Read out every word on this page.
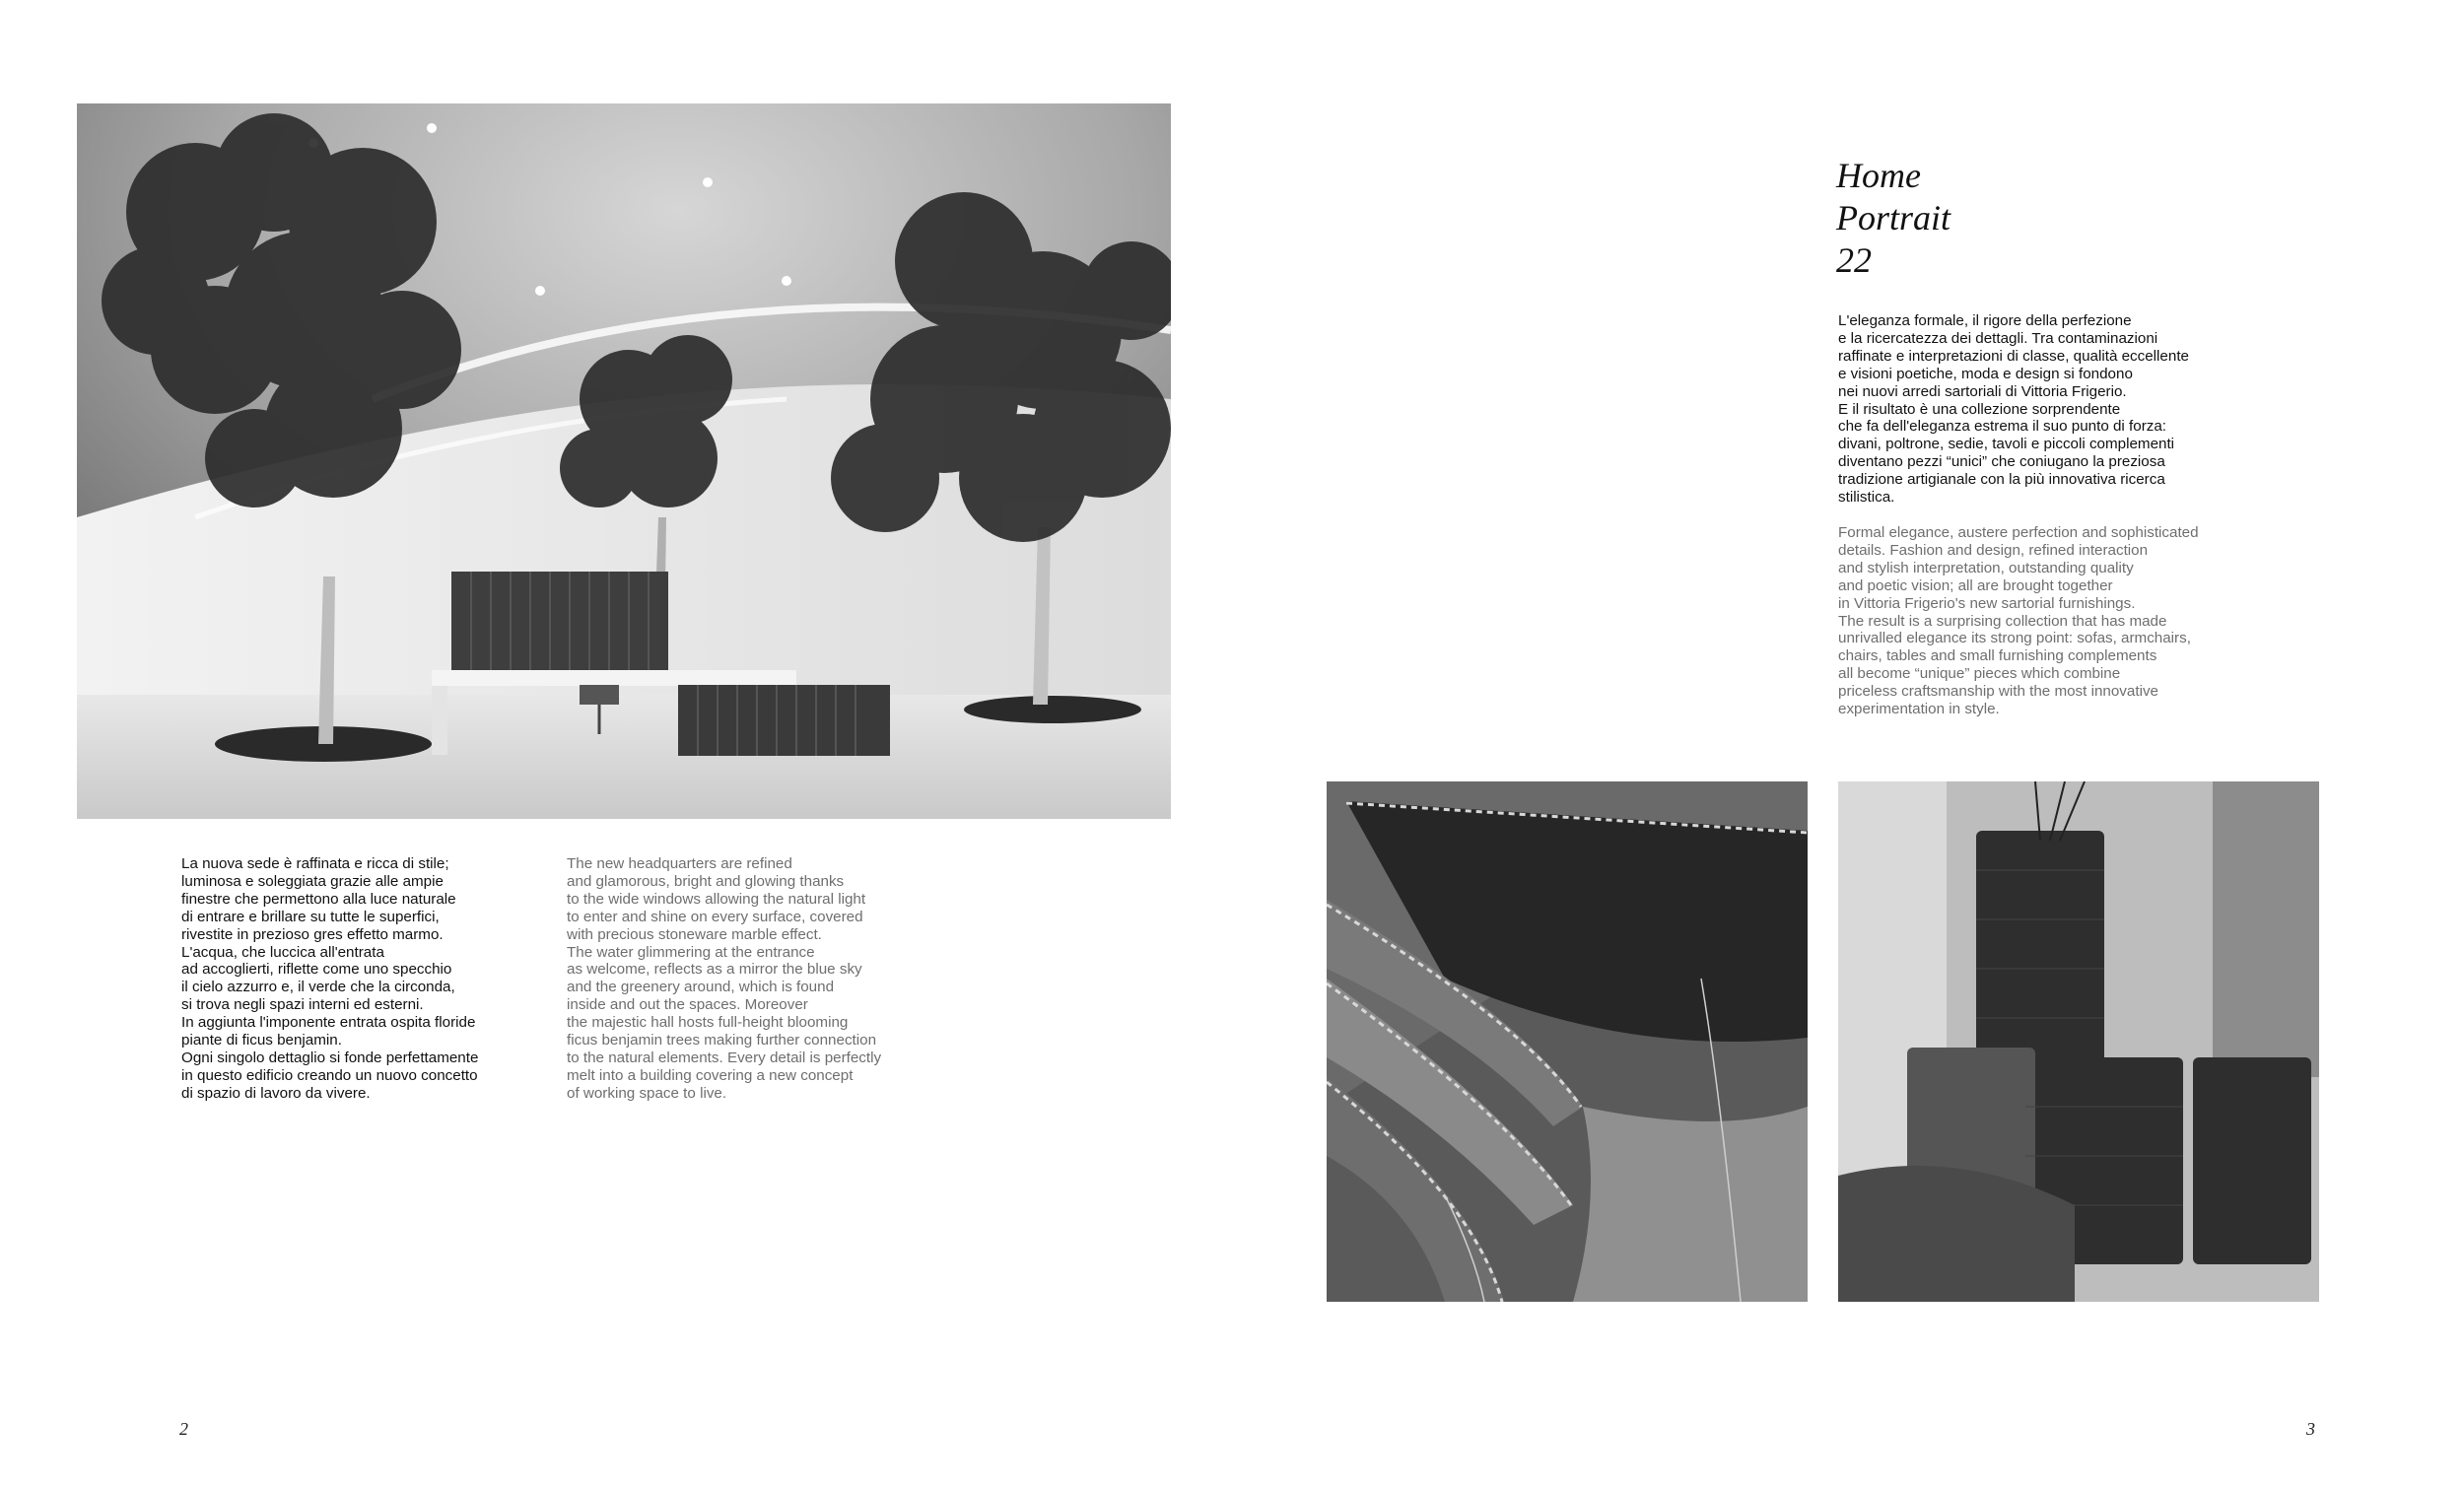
La nuova sede è raffinata e ricca di stile;
luminosa e soleggiata grazie alle ampie
finestre che permettono alla luce naturale
di entrare e brillare su tutte le superfici,
rivestite in prezioso gres effetto marmo.
L'acqua, che luccica all'entrata
ad accoglierti, riflette come uno specchio
il cielo azzurro e, il verde che la circonda,
si trova negli spazi interni ed esterni.
In aggiunta l'imponente entrata ospita floride
piante di ficus benjamin.
Ogni singolo dettaglio si fonde perfettamente
in questo edificio creando un nuovo concetto
di spazio di lavoro da vivere.
The new headquarters are refined
and glamorous, bright and glowing thanks
to the wide windows allowing the natural light
to enter and shine on every surface, covered
with precious stoneware marble effect.
The water glimmering at the entrance
as welcome, reflects as a mirror the blue sky
and the greenery around, which is found
inside and out the spaces. Moreover
the majestic hall hosts full-height blooming
ficus benjamin trees making further connection
to the natural elements. Every detail is perfectly
melt into a building covering a new concept
of working space to live.
Home
Portrait
22
L'eleganza formale, il rigore della perfezione
e la ricercatezza dei dettagli. Tra contaminazioni
raffinate e interpretazioni di classe, qualità eccellente
e visioni poetiche, moda e design si fondono
nei nuovi arredi sartoriali di Vittoria Frigerio.
E il risultato è una collezione sorprendente
che fa dell'eleganza estrema il suo punto di forza:
divani, poltrone, sedie, tavoli e piccoli complementi
diventano pezzi “unici” che coniugano la preziosa
tradizione artigianale con la più innovativa ricerca
stilistica.
Formal elegance, austere perfection and sophisticated
details. Fashion and design, refined interaction
and stylish interpretation, outstanding quality
and poetic vision; all are brought together
in Vittoria Frigerio's new sartorial furnishings.
The result is a surprising collection that has made
unrivalled elegance its strong point: sofas, armchairs,
chairs, tables and small furnishing complements
all become “unique” pieces which combine
priceless craftsmanship with the most innovative
experimentation in style.
2	3
